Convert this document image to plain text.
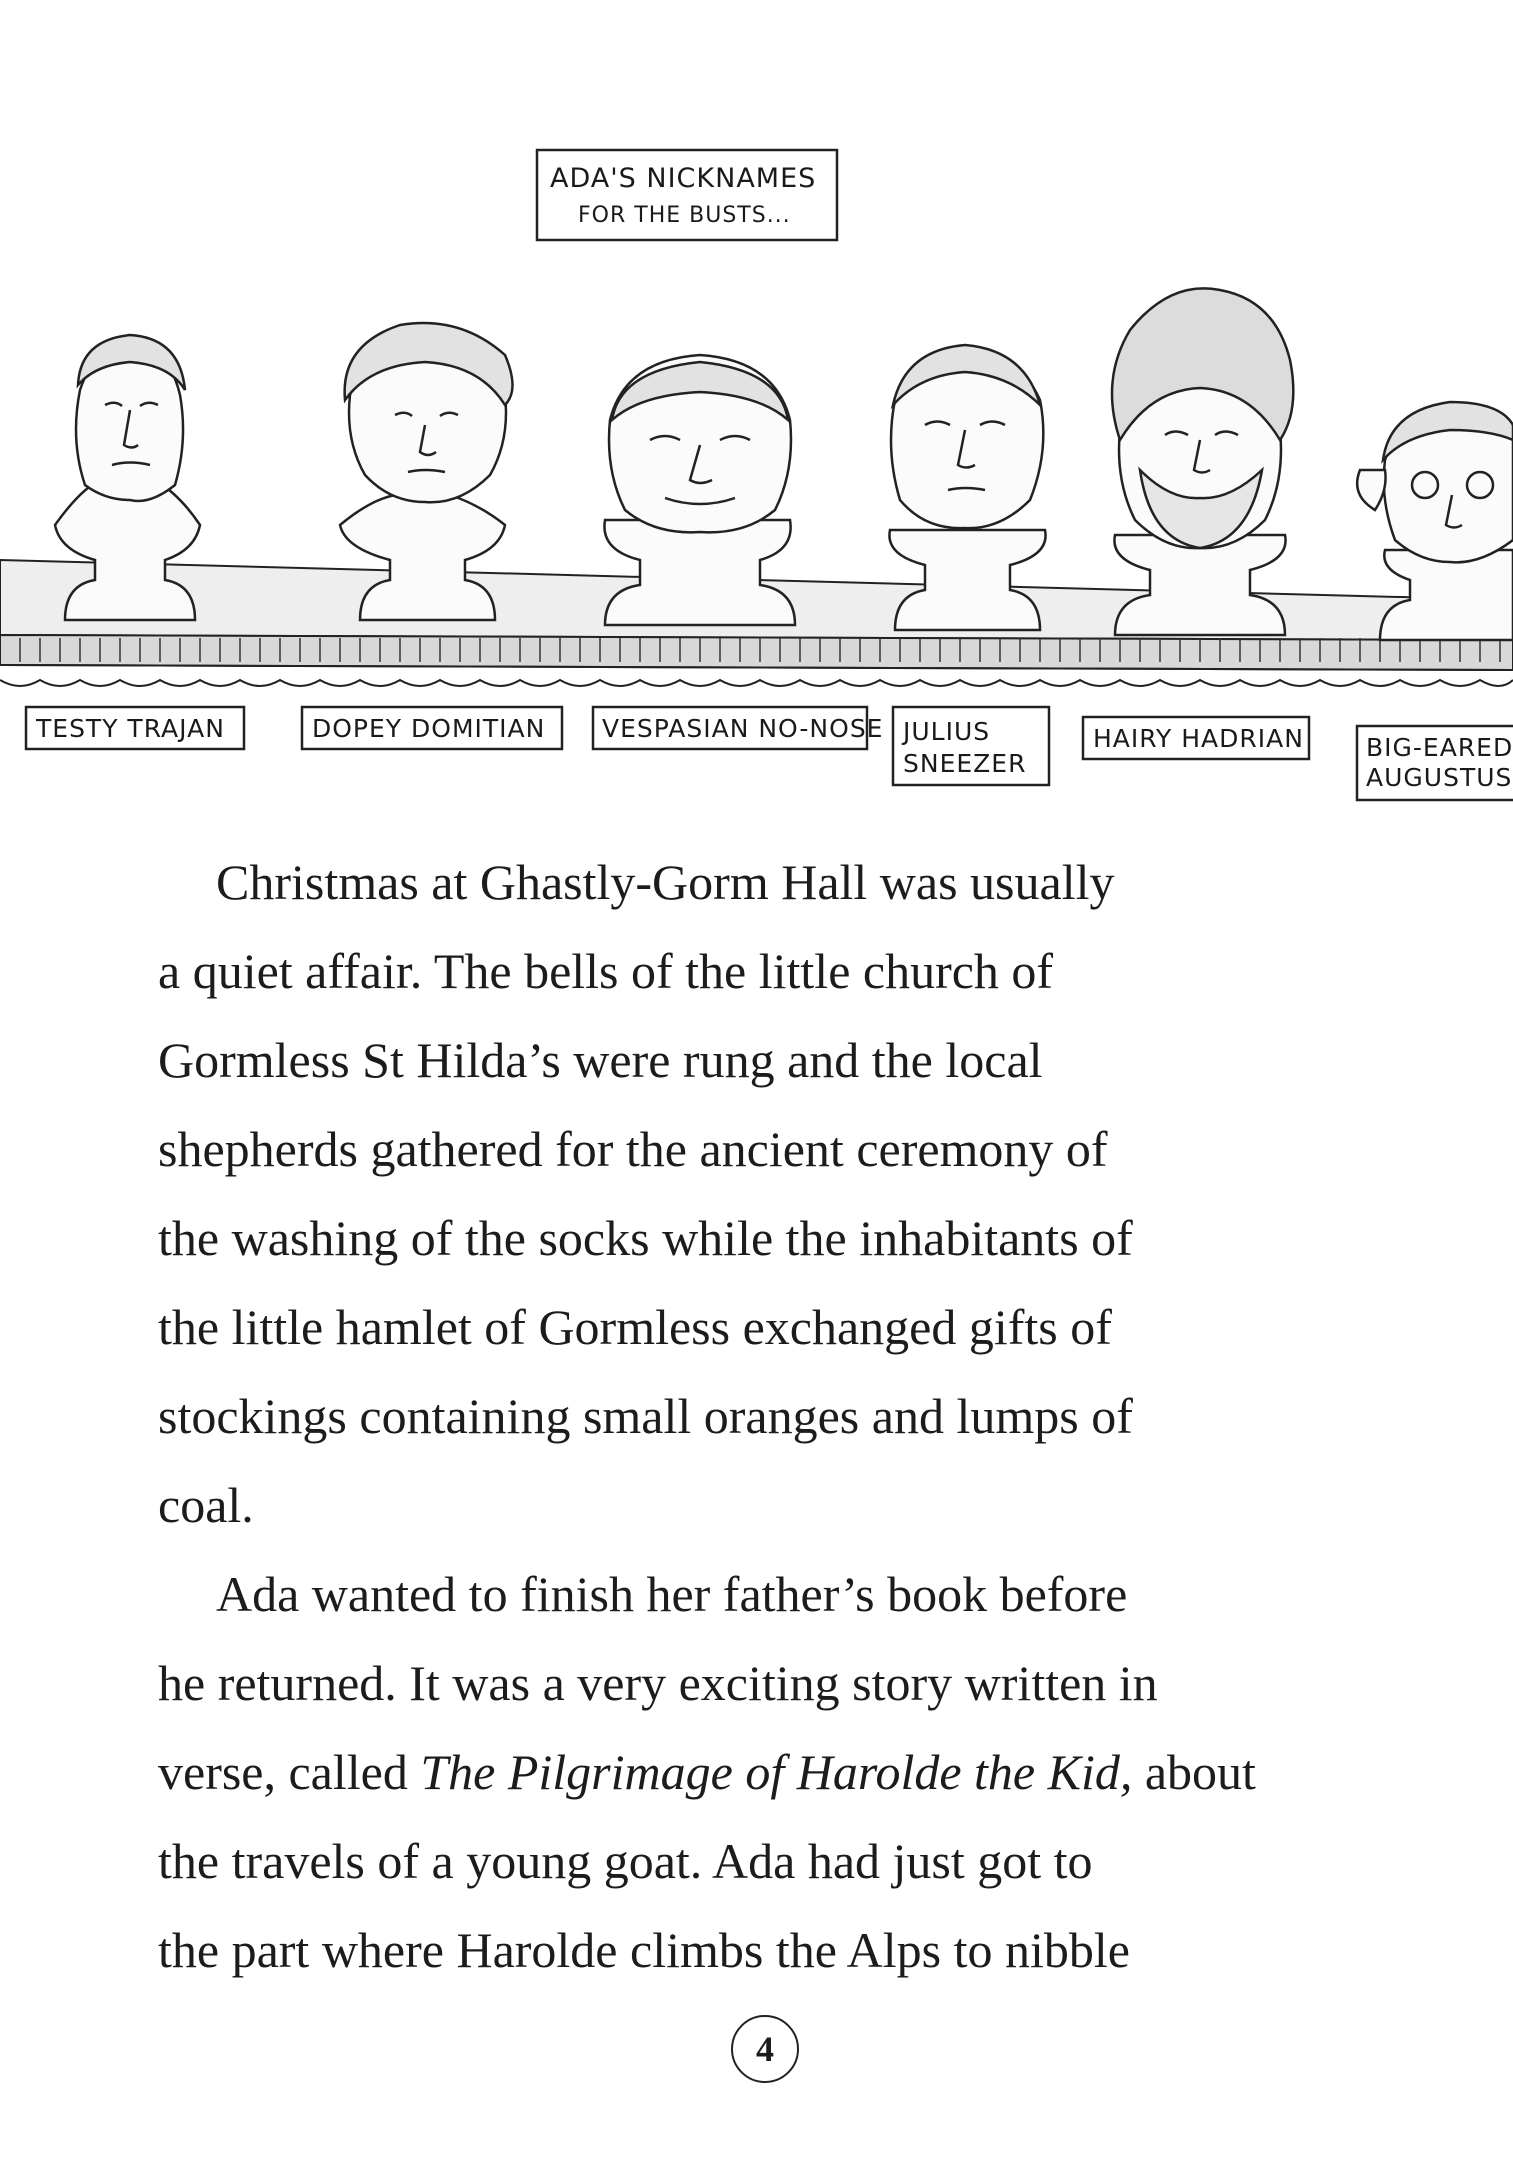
ADA'S NICKNAMES
FOR THE BUSTS...
TESTY TRAJAN	DOPEY DOMITIAN VESPASIAN NO-NOSE JULIUS
SNEEZER
HAIRY HADRIAN BIG-EARED
AUGUSTUS

Christmas at Ghastly-Gorm Hall was usually
a quiet affair. The bells of the little church of
Gormless St Hilda’s were rung and the local
shepherds gathered for the ancient ceremony of
the washing of the socks while the inhabitants of
the little hamlet of Gormless exchanged gifts of
stockings containing small oranges and lumps of
coal.

Ada wanted to finish her father’s book before
he returned. It was a very exciting story written in
verse, called The Pilgrimage of Harolde the Kid, about
the travels of a young goat. Ada had just got to
the part where Harolde climbs the Alps to nibble

4
